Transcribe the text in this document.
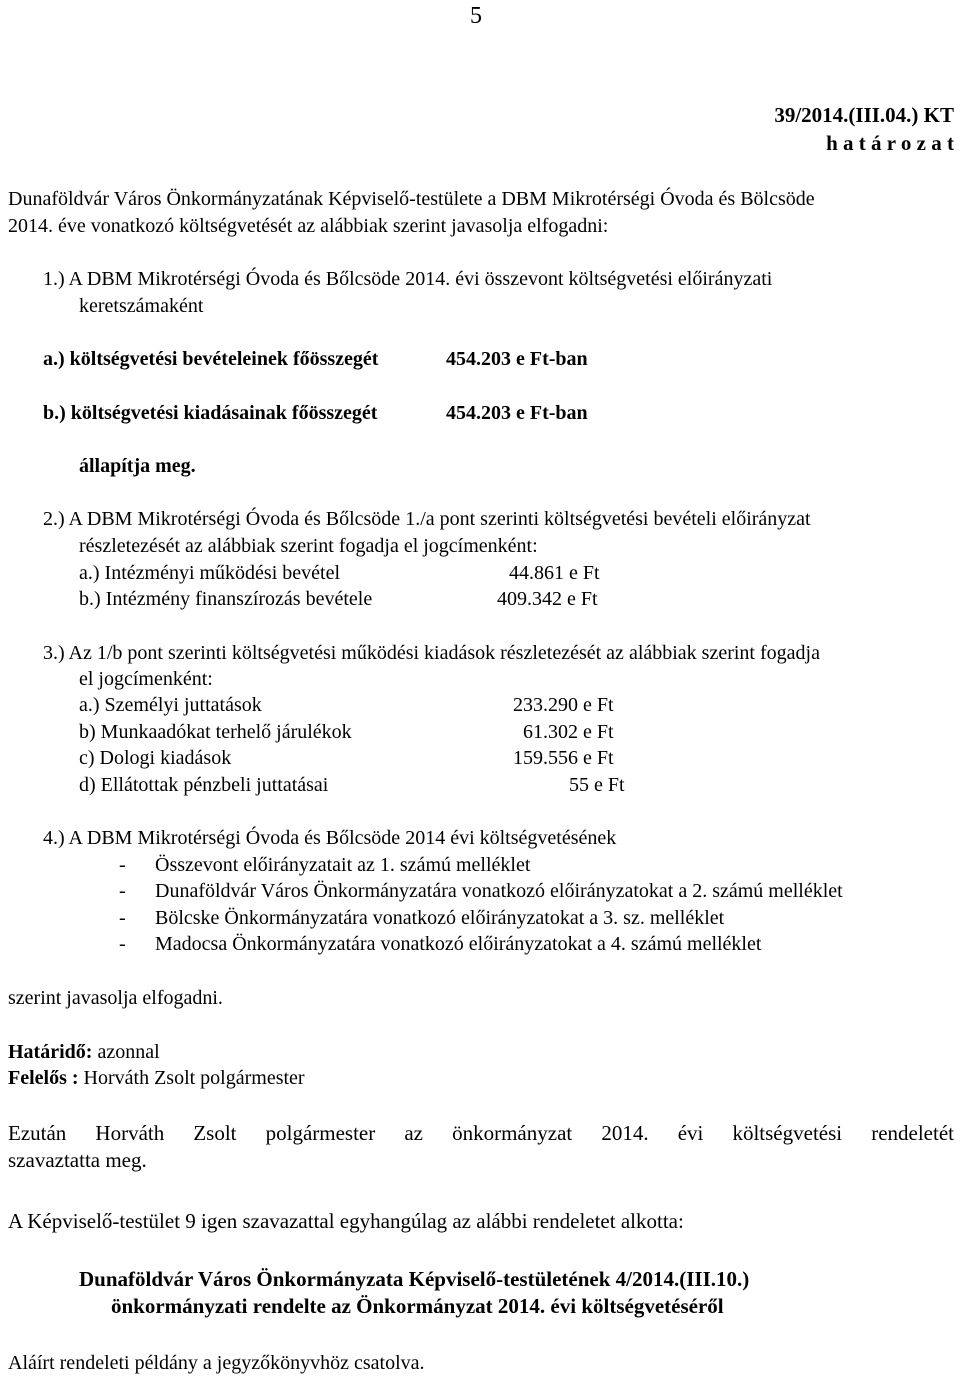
5
39/2014.(III.04.) KT
h a t á r o z a t
Dunaföldvár Város Önkormányzatának Képviselő-testülete a DBM Mikrotérségi Óvoda és Bölcsöde
2014. éve vonatkozó költségvetését az alábbiak szerint javasolja elfogadni:
1.) A DBM Mikrotérségi Óvoda és Bőlcsöde 2014. évi összevont költségvetési előirányzati
keretszámaként
a.) költségvetési bevételeinek főösszegét	454.203 e Ft-ban
b.) költségvetési kiadásainak főösszegét	454.203 e Ft-ban
állapítja meg.
2.) A DBM Mikrotérségi Óvoda és Bőlcsöde 1./a pont szerinti költségvetési bevételi előirányzat
részletezését az alábbiak szerint fogadja el jogcímenként:
a.) Intézményi működési bevétel	44.861 e Ft
b.) Intézmény finanszírozás bevétele	409.342 e Ft
3.) Az 1/b pont szerinti költségvetési működési kiadások részletezését az alábbiak szerint fogadja
el jogcímenként:
a.) Személyi juttatások	233.290 e Ft
b) Munkaadókat terhelő járulékok	61.302 e Ft
c) Dologi kiadások	159.556 e Ft
d) Ellátottak pénzbeli juttatásai	55 e Ft
4.) A DBM Mikrotérségi Óvoda és Bőlcsöde 2014 évi költségvetésének
- Összevont előirányzatait az 1. számú melléklet
- Dunaföldvár Város Önkormányzatára vonatkozó előirányzatokat a 2. számú melléklet
- Bölcske Önkormányzatára vonatkozó előirányzatokat a 3. sz. melléklet
- Madocsa Önkormányzatára vonatkozó előirányzatokat a 4. számú melléklet
szerint javasolja elfogadni.
Határidő: azonnal
Felelős : Horváth Zsolt polgármester
Ezután Horváth Zsolt polgármester az önkormányzat 2014. évi költségvetési rendeletét
szavaztatta meg.
A Képviselő-testület 9 igen szavazattal egyhangúlag az alábbi rendeletet alkotta:
Dunaföldvár Város Önkormányzata Képviselő-testületének 4/2014.(III.10.)
önkormányzati rendelte az Önkormányzat 2014. évi költségvetéséről
Aláírt rendeleti példány a jegyzőkönyvhöz csatolva.
